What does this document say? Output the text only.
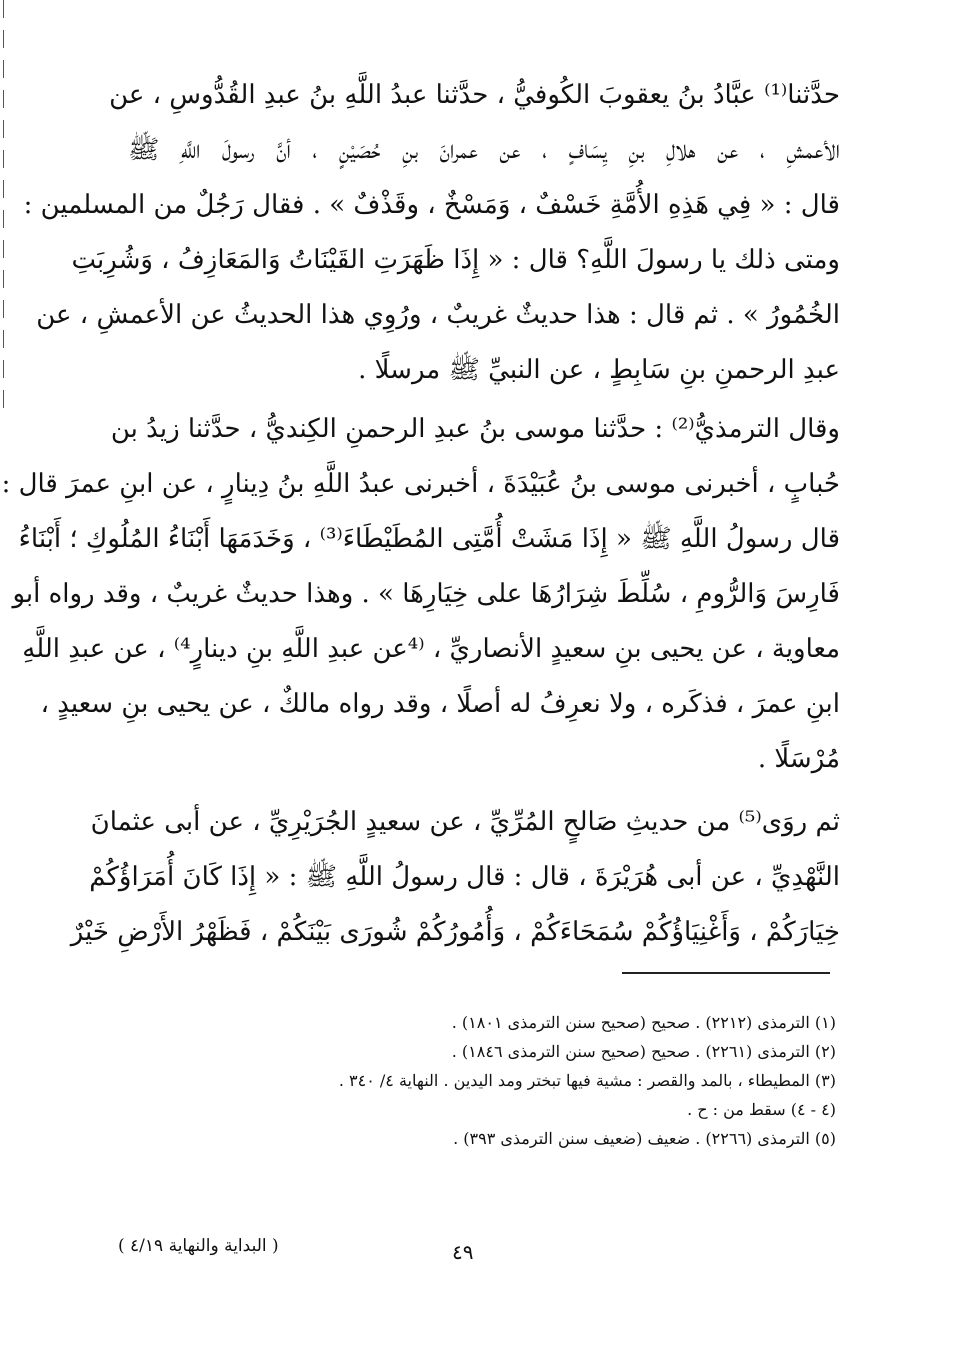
حدَّثنا⁽¹⁾ عبَّادُ بنُ يعقوبَ الكُوفيُّ ، حدَّثنا عبدُ اللَّهِ بنُ عبدِ القُدُّوسِ ، عن
الأعمشِ ، عن هلالِ بنِ يِسَافٍ ، عن عمرانَ بنِ حُصَيْنٍ ، أنَّ رسولَ اللَّهِ ﷺ
قال : « فِي هَذِهِ الأُمَّةِ خَسْفٌ ، وَمَسْخٌ ، وقَذْفٌ » . فقال رَجُلٌ من المسلمين :
ومتى ذلك يا رسولَ اللَّهِ؟ قال : « إِذَا ظَهَرَتِ القَيْنَاتُ وَالمَعَازِفُ ، وَشُرِبَتِ
الخُمُورُ » . ثم قال : هذا حديثٌ غريبٌ ، ورُوِي هذا الحديثُ عن الأعمشِ ، عن
عبدِ الرحمنِ بنِ سَابِطٍ ، عن النبيِّ ﷺ مرسلًا .
وقال الترمذيُّ⁽²⁾ : حدَّثنا موسى بنُ عبدِ الرحمنِ الكِنديُّ ، حدَّثنا زيدُ بن
حُبابٍ ، أخبرنى موسى بنُ عُبَيْدَةَ ، أخبرنى عبدُ اللَّهِ بنُ دِينارٍ ، عن ابنِ عمرَ قال :
قال رسولُ اللَّهِ ﷺ « إِذَا مَشَتْ أُمَّتِى المُطَيْطَاءَ⁽³⁾ ، وَخَدَمَهَا أَبْنَاءُ المُلُوكِ ؛ أَبْنَاءُ
فَارِسَ وَالرُّومِ ، سُلِّطَ شِرَارُهَا على خِيَارِهَا » . وهذا حديثٌ غريبٌ ، وقد رواه أبو
معاوية ، عن يحيى بنِ سعيدٍ الأنصاريِّ ، ⁽⁴عن عبدِ اللَّهِ بنِ دينارٍ⁴⁾ ، عن عبدِ اللَّهِ
ابنِ عمرَ ، فذكَره ، ولا نعرِفُ له أصلًا ، وقد رواه مالكٌ ، عن يحيى بنِ سعيدٍ ،
مُرْسَلًا .
ثم روَى⁽⁵⁾ من حديثِ صَالحٍ المُرِّيِّ ، عن سعيدٍ الجُرَيْرِيِّ ، عن أبى عثمانَ
النَّهْدِيِّ ، عن أبى هُرَيْرَةَ ، قال : قال رسولُ اللَّهِ ﷺ : « إِذَا كَانَ أُمَرَاؤُكُمْ
خِيَارَكُمْ ، وَأَغْنِيَاؤُكُمْ سُمَحَاءَكُمْ ، وَأُمُورُكُمْ شُورَى بَيْنَكُمْ ، فَظَهْرُ الأَرْضِ خَيْرٌ
(١) الترمذى (٢٢١٢) . صحيح (صحيح سنن الترمذى ١٨٠١) .
(٢) الترمذى (٢٢٦١) . صحيح (صحيح سنن الترمذى ١٨٤٦) .
(٣) المطيطاء ، بالمد والقصر : مشية فيها تبختر ومد اليدين . النهاية ٤/ ٣٤٠ .
(٤ - ٤) سقط من : ح .
(٥) الترمذى (٢٢٦٦) . ضعيف (ضعيف سنن الترمذى ٣٩٣) .
٤٩
( البداية والنهاية ٤/١٩ )
